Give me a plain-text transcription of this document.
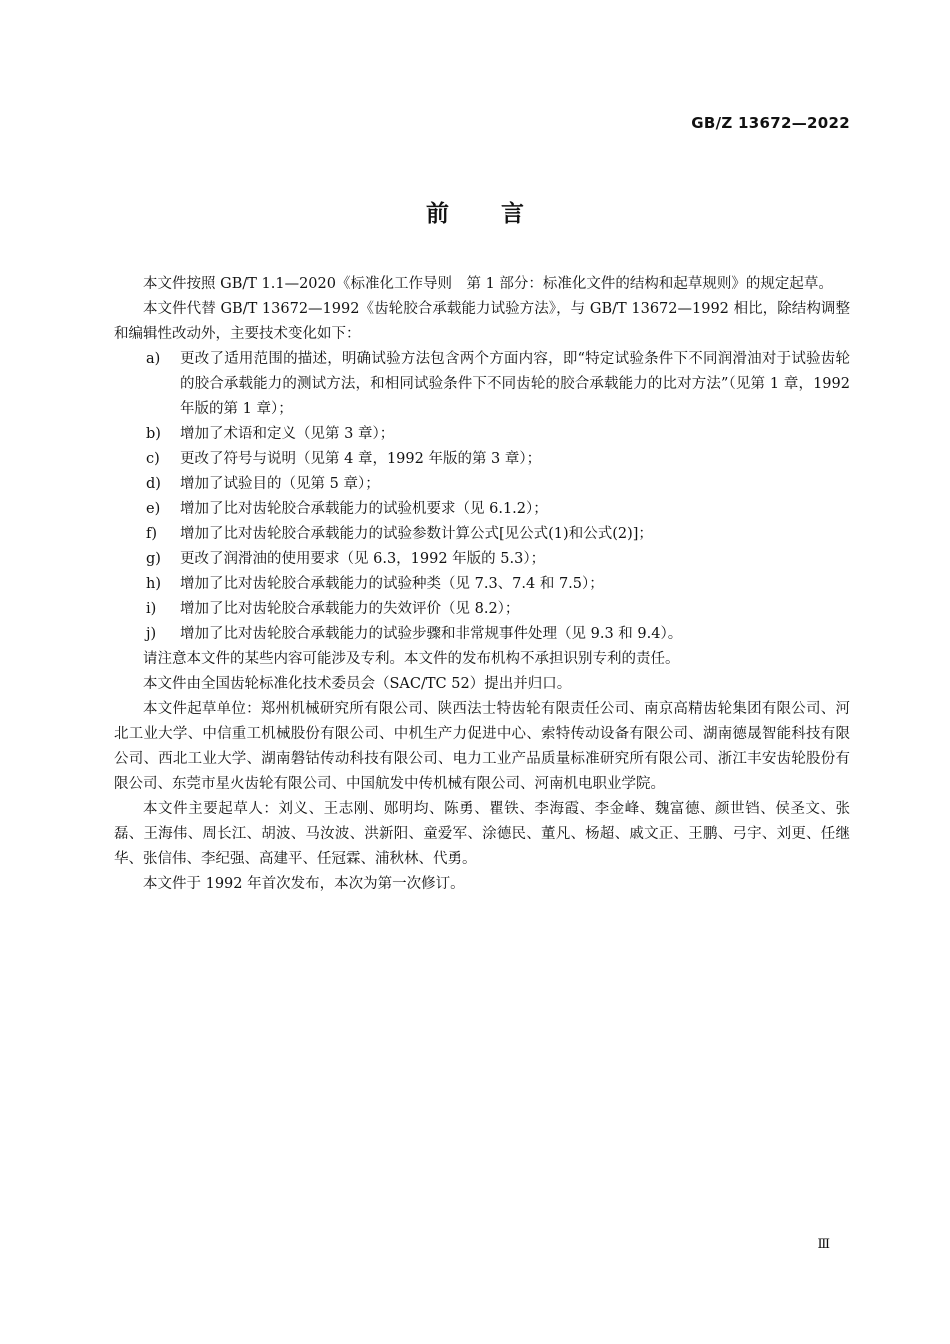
GB/Z 13672—2022
前言

本文件按照 GB/T 1.1—2020《标准化工作导则　第 1 部分：标准化文件的结构和起草规则》的规定起草。

本文件代替 GB/T 13672—1992《齿轮胶合承载能力试验方法》，与 GB/T 13672—1992 相比，除结构调整和编辑性改动外，主要技术变化如下：

a) 更改了适用范围的描述，明确试验方法包含两个方面内容，即“特定试验条件下不同润滑油对于试验齿轮的胶合承载能力的测试方法，和相同试验条件下不同齿轮的胶合承载能力的比对方法”（见第 1 章，1992 年版的第 1 章）；

b) 增加了术语和定义（见第 3 章）；

c) 更改了符号与说明（见第 4 章，1992 年版的第 3 章）；

d) 增加了试验目的（见第 5 章）；

e) 增加了比对齿轮胶合承载能力的试验机要求（见 6.1.2）；

f) 增加了比对齿轮胶合承载能力的试验参数计算公式[见公式(1)和公式(2)]；

g) 更改了润滑油的使用要求（见 6.3，1992 年版的 5.3）；

h) 增加了比对齿轮胶合承载能力的试验种类（见 7.3、7.4 和 7.5）；

i) 增加了比对齿轮胶合承载能力的失效评价（见 8.2）；

j) 增加了比对齿轮胶合承载能力的试验步骤和非常规事件处理（见 9.3 和 9.4）。

请注意本文件的某些内容可能涉及专利。本文件的发布机构不承担识别专利的责任。

本文件由全国齿轮标准化技术委员会（SAC/TC 52）提出并归口。

本文件起草单位：郑州机械研究所有限公司、陕西法士特齿轮有限责任公司、南京高精齿轮集团有限公司、河北工业大学、中信重工机械股份有限公司、中机生产力促进中心、索特传动设备有限公司、湖南德晟智能科技有限公司、西北工业大学、湖南磐钴传动科技有限公司、电力工业产品质量标准研究所有限公司、浙江丰安齿轮股份有限公司、东莞市星火齿轮有限公司、中国航发中传机械有限公司、河南机电职业学院。

本文件主要起草人：刘义、王志刚、郧明均、陈勇、瞿铁、李海霞、李金峰、魏富德、颜世铛、侯圣文、张磊、王海伟、周长江、胡波、马汝波、洪新阳、童爱军、涂德民、董凡、杨超、戚文正、王鹏、弓宇、刘更、任继华、张信伟、李纪强、高建平、任冠霖、浦秋林、代勇。

本文件于 1992 年首次发布，本次为第一次修订。

Ⅲ
